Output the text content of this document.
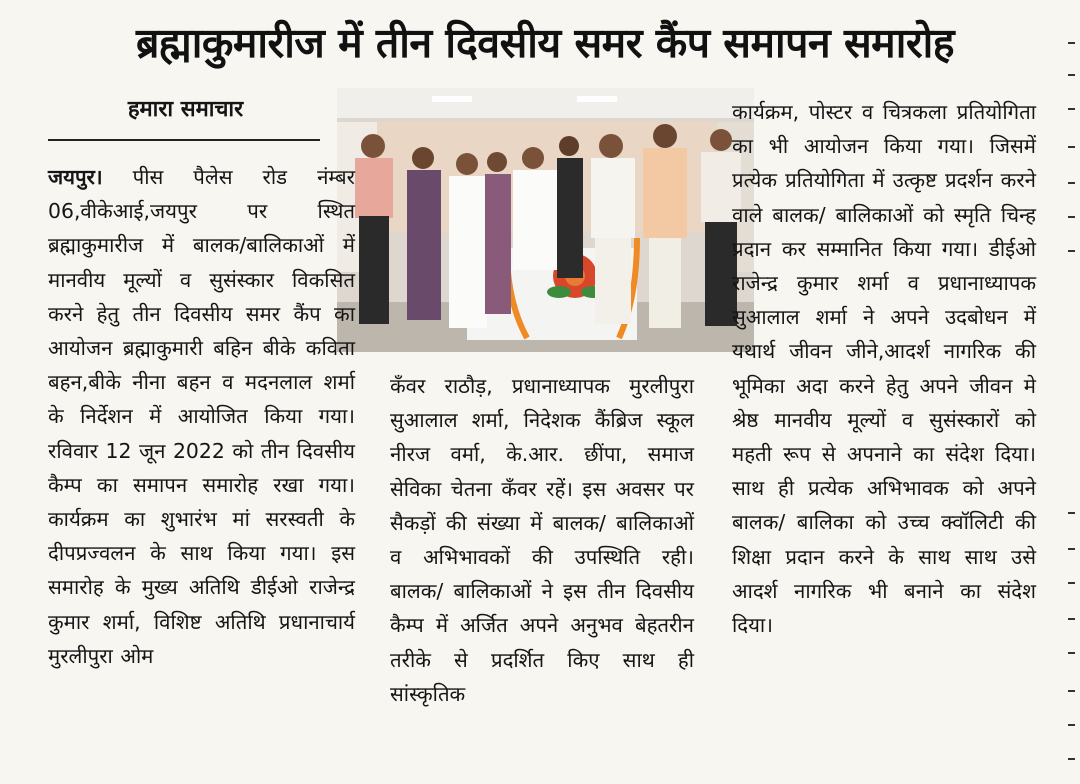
ब्रह्माकुमारीज में तीन दिवसीय समर कैंप समापन समारोह
हमारा समाचार
जयपुर। पीस पैलेस रोड नंम्बर 06,वीकेआई,जयपुर पर स्थित ब्रह्माकुमारीज में बालक/बालिकाओं में मानवीय मूल्यों व सुसंस्कार विकसित करने हेतु तीन दिवसीय समर कैंप का आयोजन ब्रह्माकुमारी बहिन बीके कविता बहन,बीके नीना बहन व मदनलाल शर्मा के निर्देशन में आयोजित किया गया। रविवार 12 जून 2022 को तीन दिवसीय कैम्प का समापन समारोह रखा गया। कार्यक्रम का शुभारंभ मां सरस्वती के दीपप्रज्वलन के साथ किया गया। इस समारोह के मुख्य अतिथि डीईओ राजेन्द्र कुमार शर्मा, विशिष्ट अतिथि प्रधानाचार्य मुरलीपुरा ओम
कँवर राठौड़, प्रधानाध्यापक मुरलीपुरा सुआलाल शर्मा, निदेशक कैंब्रिज स्कूल नीरज वर्मा, के.आर. छींपा, समाज सेविका चेतना कँवर रहें। इस अवसर पर सैकड़ों की संख्या में बालक/ बालिकाओं व अभिभावकों की उपस्थिति रही। बालक/ बालिकाओं ने इस तीन दिवसीय कैम्प में अर्जित अपने अनुभव बेहतरीन तरीके से प्रदर्शित किए साथ ही सांस्कृतिक
कार्यक्रम, पोस्टर व चित्रकला प्रतियोगिता का भी आयोजन किया गया। जिसमें प्रत्येक प्रतियोगिता में उत्कृष्ट प्रदर्शन करने वाले बालक/ बालिकाओं को स्मृति चिन्ह प्रदान कर सम्मानित किया गया। डीईओ राजेन्द्र कुमार शर्मा व प्रधानाध्यापक सुआलाल शर्मा ने अपने उदबोधन में यथार्थ जीवन जीने,आदर्श नागरिक की भूमिका अदा करने हेतु अपने जीवन मे श्रेष्ठ मानवीय मूल्यों व सुसंस्कारों को महती रूप से अपनाने का संदेश दिया। साथ ही प्रत्येक अभिभावक को अपने बालक/ बालिका को उच्च क्वॉलिटी की शिक्षा प्रदान करने के साथ साथ उसे आदर्श नागरिक भी बनाने का संदेश दिया।
